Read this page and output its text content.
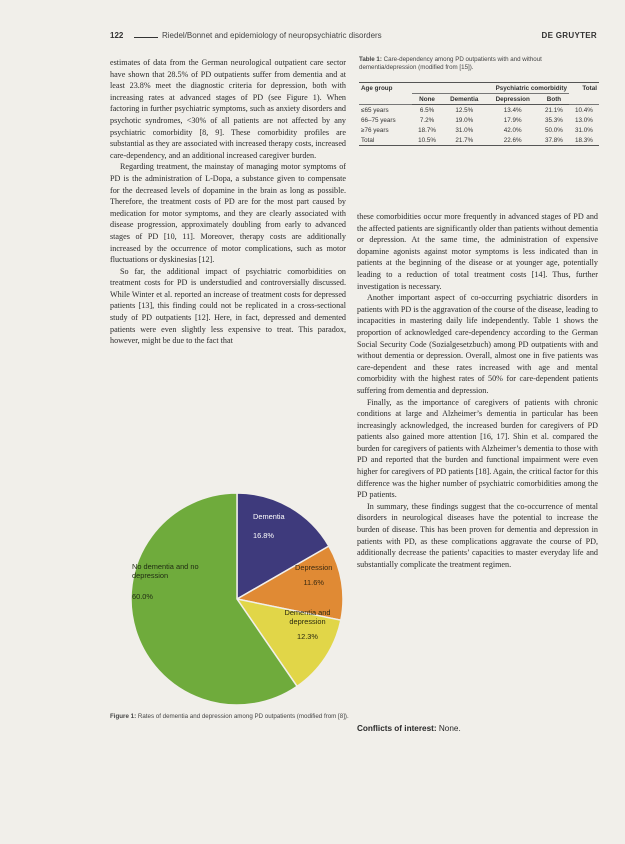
122	Riedel/Bonnet and epidemiology of neuropsychiatric disorders	DE GRUYTER

estimates of data from the German neurological outpatient care sector have shown that 28.5% of PD outpatients suffer from dementia and at least 23.8% meet the diagnostic criteria for depression, both with increasing rates at advanced stages of PD (see Figure 1). When factoring in further psychiatric symptoms, such as anxiety disorders and psychotic syndromes, <30% of all patients are not affected by any psychiatric comorbidity [8, 9]. These comorbidity profiles are substantial as they are associated with increased therapy costs, increased care-dependency, and an additional increased caregiver burden.

Regarding treatment, the mainstay of managing motor symptoms of PD is the administration of L-Dopa, a substance given to compensate for the decreased levels of dopamine in the brain as long as possible. Therefore, the treatment costs of PD are for the most part caused by medication for motor symptoms, and they are clearly associated with disease progression, approximately doubling from early to advanced stages of PD [10, 11]. Moreover, therapy costs are additionally increased by the occurrence of motor complications, such as motor fluctuations or dyskinesias [12].

So far, the additional impact of psychiatric comorbidities on treatment costs for PD is understudied and controversially discussed. While Winter et al. reported an increase of treatment costs for depressed patients [13], this finding could not be replicated in a cross-sectional study of PD outpatients [12]. Here, in fact, depressed and demented patients were even slightly less expensive to treat. This paradox, however, might be due to the fact that

Table 1: Care-dependency among PD outpatients with and without dementia/depression (modified from [15]).
Age group	Psychiatric comorbidity				Total
	None	Dementia	Depression	Both	
≤65 years	6.5%	12.5%	13.4%	21.1%	10.4%
66–75 years	7.2%	19.0%	17.9%	35.3%	13.0%
≥76 years	18.7%	31.0%	42.0%	50.0%	31.0%
Total	10.5%	21.7%	22.6%	37.8%	18.3%

these comorbidities occur more frequently in advanced stages of PD and the affected patients are significantly older than patients without dementia or depression. At the same time, the administration of expensive dopamine agonists against motor symptoms is less indicated than in patients at the beginning of the disease or at younger age, potentially leading to a reduction of total treatment costs [14]. Thus, further investigation is necessary.

Another important aspect of co-occurring psychiatric disorders in patients with PD is the aggravation of the course of the disease, leading to incapacities in mastering daily life independently. Table 1 shows the proportion of acknowledged care-dependency according to the German Social Security Code (Sozialgesetzbuch) among PD outpatients with and without dementia or depression. Overall, almost one in five patients was care-dependent and these rates increased with age and mental comorbidity with the highest rates of 50% for care-dependent patients suffering from dementia and depression.

Finally, as the importance of caregivers of patients with chronic conditions at large and Alzheimer’s dementia in particular has been increasingly acknowledged, the increased burden for caregivers of PD patients also gained more attention [16, 17]. Shin et al. compared the burden for caregivers of patients with Alzheimer’s dementia to those with PD and reported that the burden and functional impairment were even higher for caregivers of PD patients [18]. Again, the critical factor for this difference was the higher number of psychiatric comorbidities among the PD patients.

In summary, these findings suggest that the co-occurrence of mental disorders in neurological diseases have the potential to increase the burden of disease. This has been proven for dementia and depression in patients with PD, as these complications aggravate the course of PD, additionally decrease the patients’ capacities to master everyday life and substantially complicate the treatment regimen.

Dementia
16.8%
Depression
11.6%
Dementia and depression
12.3%
No dementia and no depression
60.0%
Figure 1: Rates of dementia and depression among PD outpatients (modified from [8]).
Conflicts of interest: None.
